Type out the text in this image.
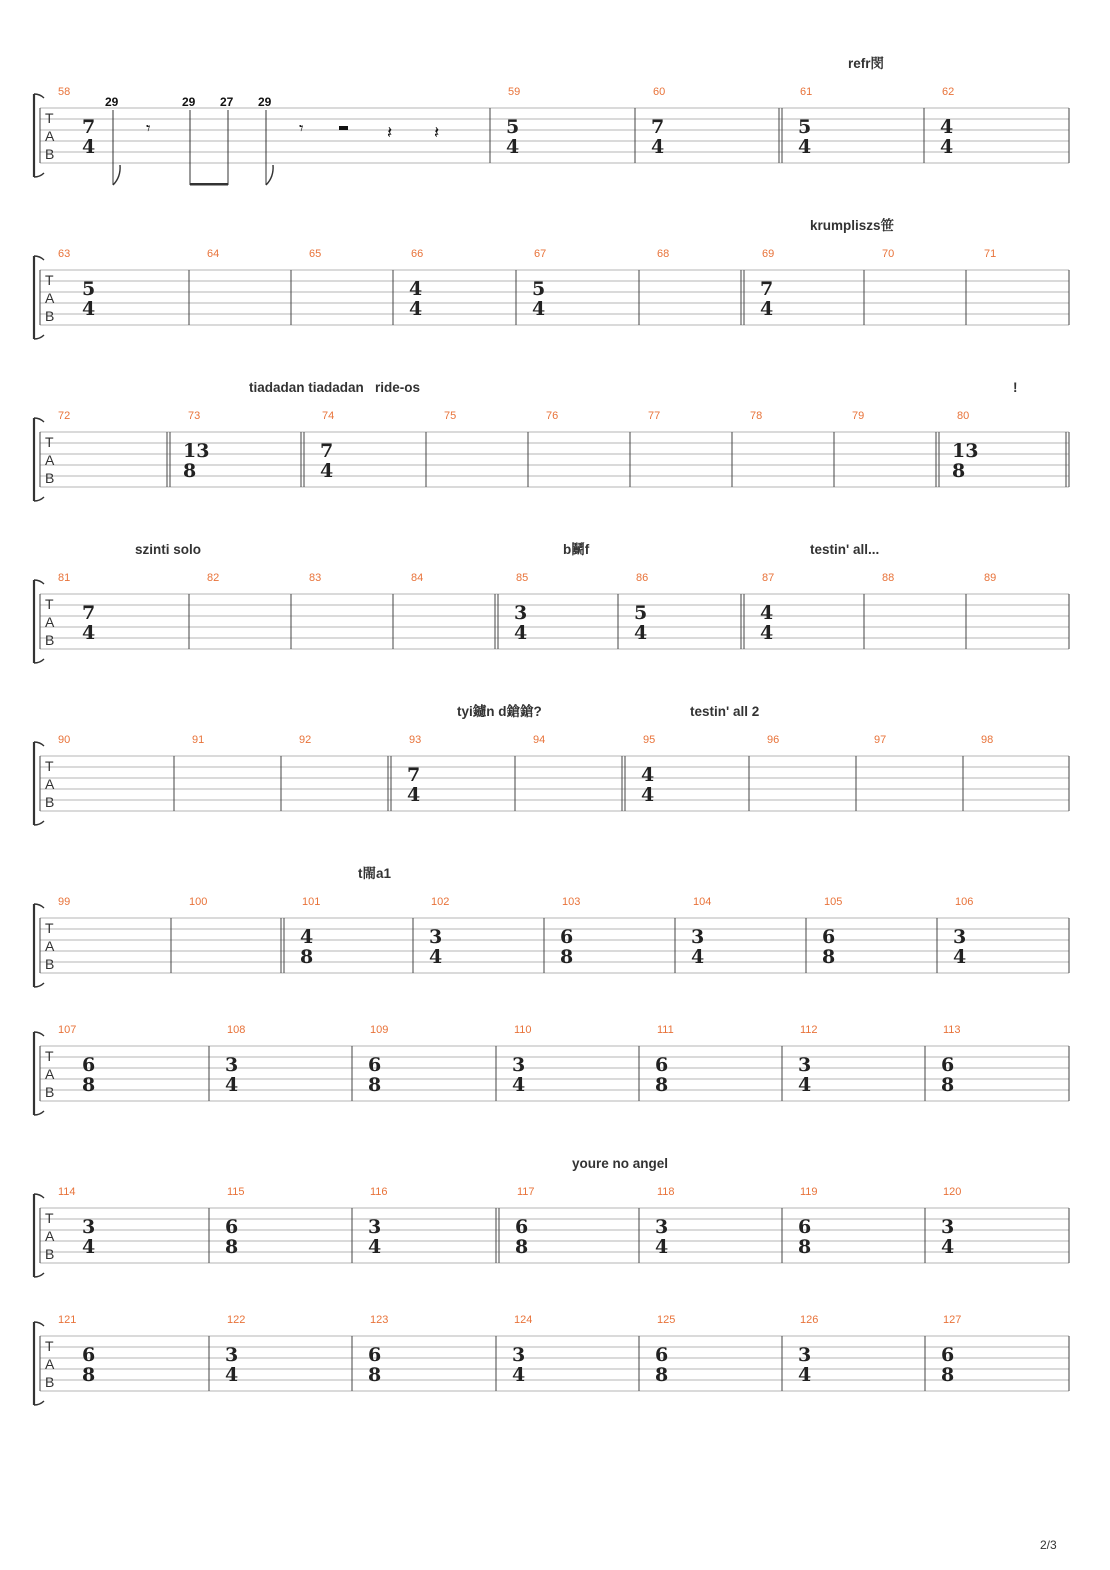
T
A
B
58
7
4
29
𝄾
29 27 29
𝄾	𝄽 𝄽
59
5
4
60
7
4
61
5
4
refr閔
62
4
4
T
A
B
63
5
4
64	65	66
4
4
67
5
4
68	69
7
4
krumpliszs笹
70	71
T
A
B
72	73
13
8
tiadadan tiadadan
74
7
4
ride-os
75	76	77	78	79	80
13
8
!
T
A
B
81
7
4
szinti solo
82	83	84	85
3
4
b鬭f
86
5
4
87
4
4
testin' all...
88	89
T
A
B
90	91	92	93
7
4
tyi鑢n d鎗鎗?
94	95
4
4
testin' all 2
96	97	98
T
A
B
99	100	101
4
8
t閙a1
102
3
4
103
6
8
104
3
4
105
6
8
106
3
4
T
A
B
107
6
8
108
3
4
109
6
8
110
3
4
111
6
8
112
3
4
113
6
8
T
A
B
114
3
4
115
6
8
116
3
4
117
6
8
youre no angel
118
3
4
119
6
8
120
3
4
T
A
B
121
6
8
122
3
4
123
6
8
124
3
4
125
6
8
126
3
4
127
6
8
2/3
